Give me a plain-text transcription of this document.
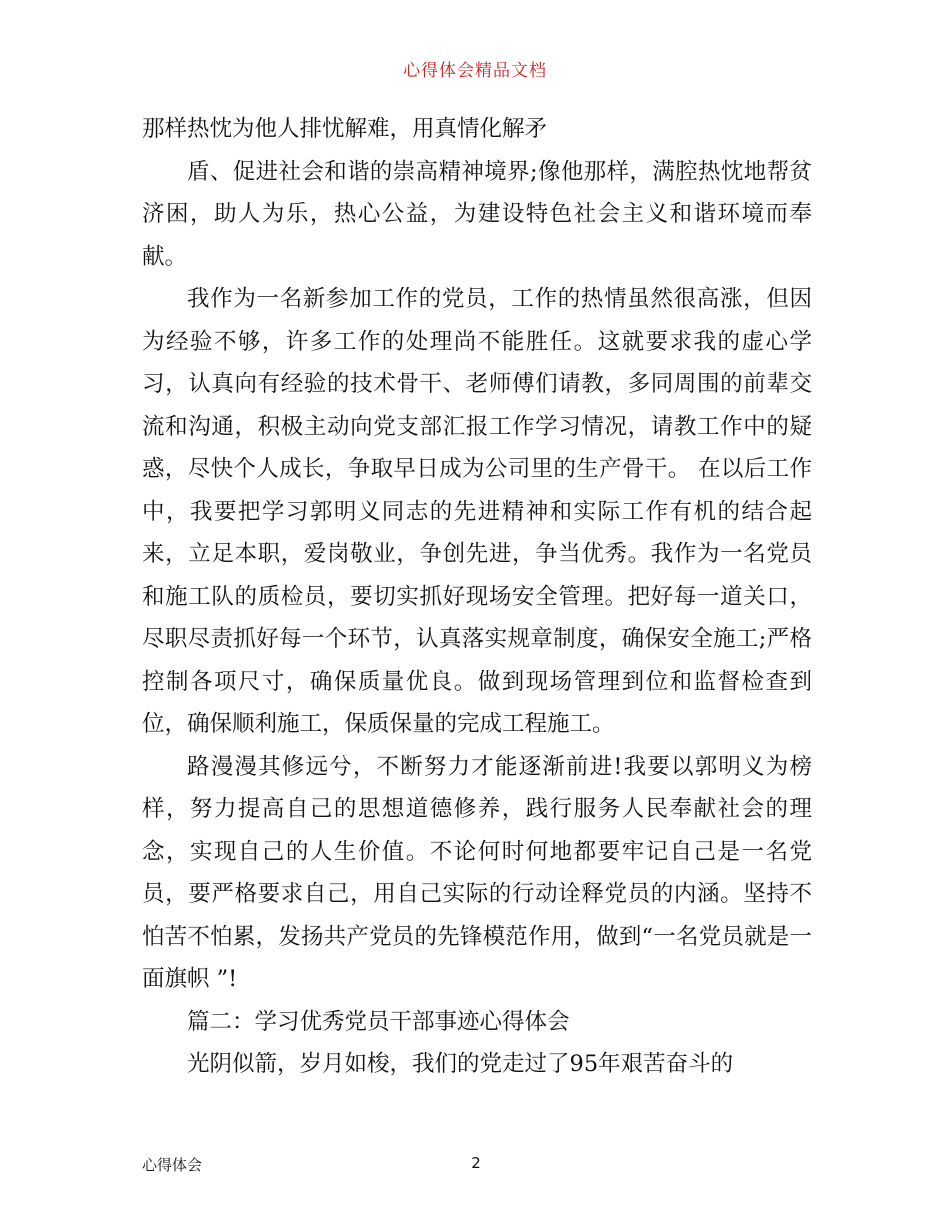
心得体会精品文档

那样热忱为他人排忧解难，用真情化解矛

盾、促进社会和谐的崇高精神境界;像他那样，满腔热忱地帮贫济困，助人为乐，热心公益，为建设特色社会主义和谐环境而奉献。

我作为一名新参加工作的党员，工作的热情虽然很高涨，但因为经验不够，许多工作的处理尚不能胜任。这就要求我的虚心学习，认真向有经验的技术骨干、老师傅们请教，多同周围的前辈交流和沟通，积极主动向党支部汇报工作学习情况，请教工作中的疑惑，尽快个人成长，争取早日成为公司里的生产骨干。 在以后工作中，我要把学习郭明义同志的先进精神和实际工作有机的结合起来，立足本职，爱岗敬业，争创先进，争当优秀。我作为一名党员和施工队的质检员，要切实抓好现场安全管理。把好每一道关口，尽职尽责抓好每一个环节，认真落实规章制度，确保安全施工;严格控制各项尺寸，确保质量优良。做到现场管理到位和监督检查到位，确保顺利施工，保质保量的完成工程施工。

路漫漫其修远兮，不断努力才能逐渐前进!我要以郭明义为榜样，努力提高自己的思想道德修养，践行服务人民奉献社会的理念，实现自己的人生价值。不论何时何地都要牢记自己是一名党员，要严格要求自己，用自己实际的行动诠释党员的内涵。坚持不怕苦不怕累，发扬共产党员的先锋模范作用，做到“一名党员就是一面旗帜 ”!

篇二：学习优秀党员干部事迹心得体会

光阴似箭，岁月如梭，我们的党走过了95年艰苦奋斗的

心得体会	2
